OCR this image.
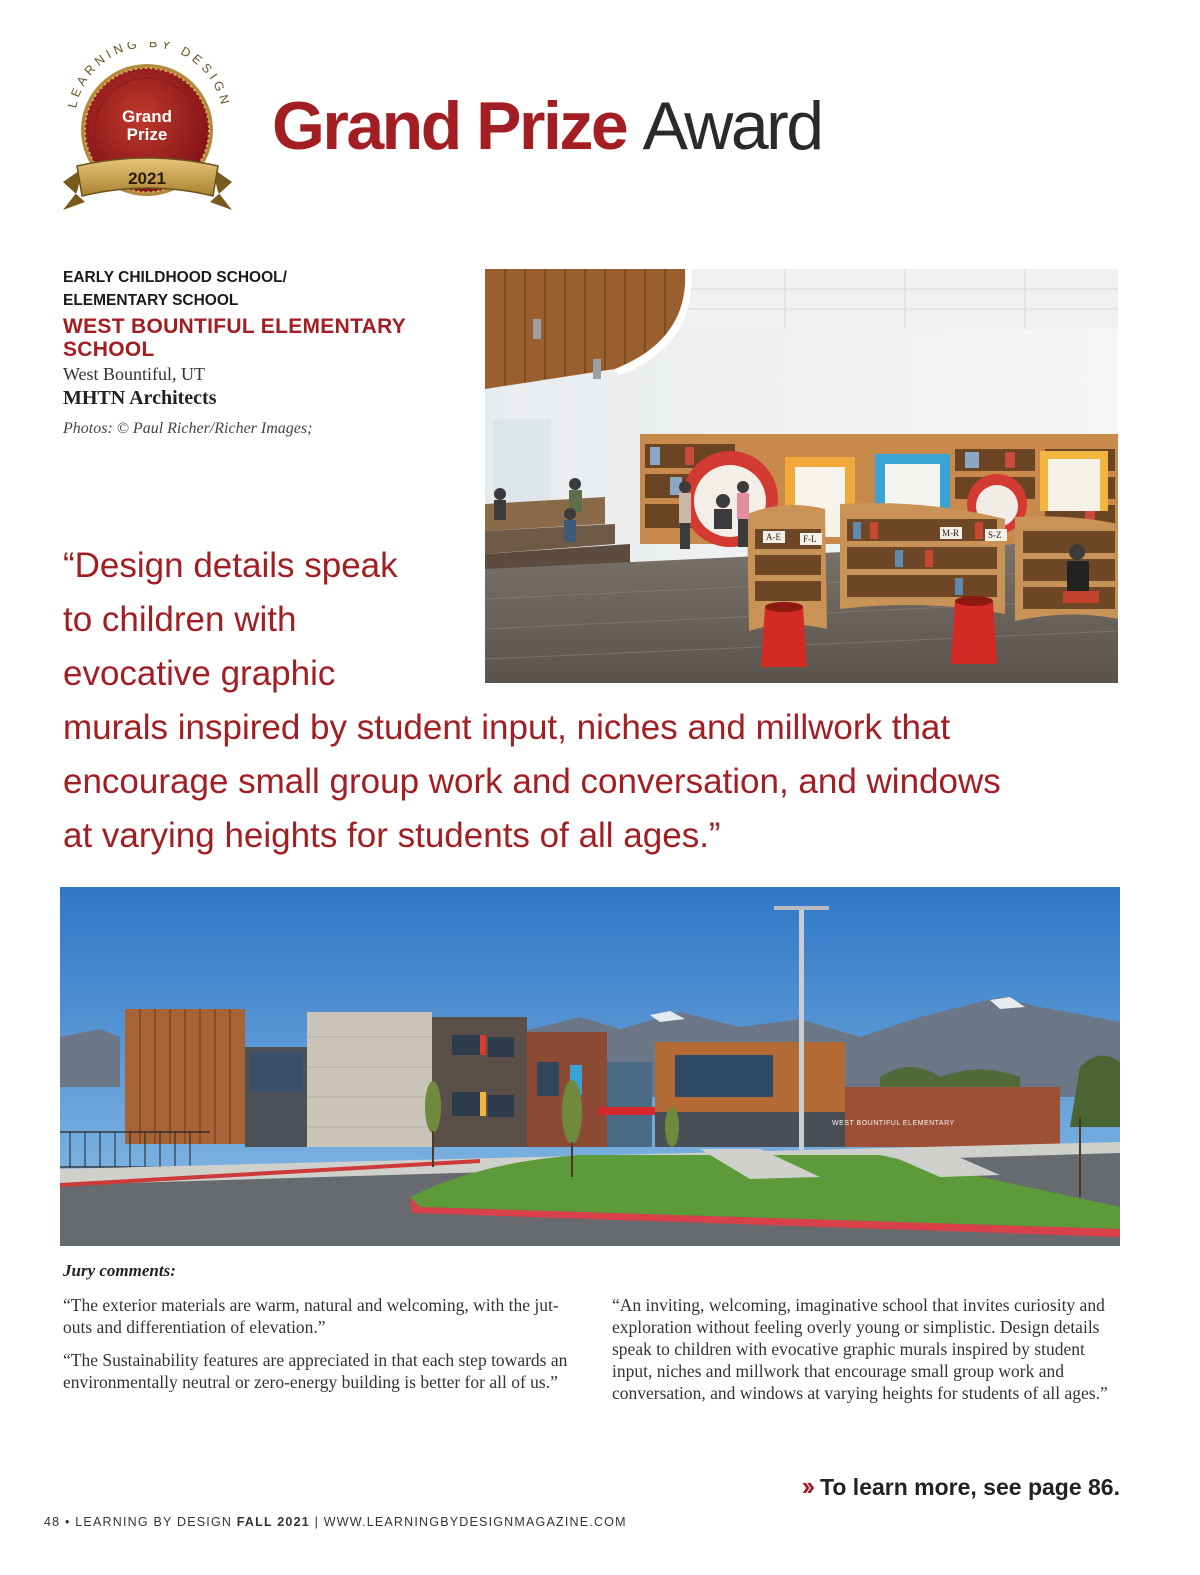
LEARNING BY DESIGN
Grand
Prize
2021
Grand Prize Award
EARLY CHILDHOOD SCHOOL/
ELEMENTARY SCHOOL
WEST BOUNTIFUL ELEMENTARY
SCHOOL
West Bountiful, UT
MHTN Architects
Photos: © Paul Richer/Richer Images;
A-E F-L
M-R	S-Z
“Design details speak
to children with
evocative graphic
murals inspired by student input, niches and millwork that
encourage small group work and conversation, and windows
at varying heights for students of all ages.”
WEST BOUNTIFUL ELEMENTARY
Jury comments:

“The exterior materials are warm, natural and welcoming, with the jut-outs and differentiation of elevation.”

“The Sustainability features are appreciated in that each step towards an environmentally neutral or zero-energy building is better for all of us.”

“An inviting, welcoming, imaginative school that invites curiosity and exploration without feeling overly young or simplistic. Design details speak to children with evocative graphic murals inspired by student input, niches and millwork that encourage small group work and conversation, and windows at varying heights for students of all ages.”

›› To learn more, see page 86.
48 • LEARNING BY DESIGN FALL 2021 | WWW.LEARNINGBYDESIGNMAGAZINE.COM
